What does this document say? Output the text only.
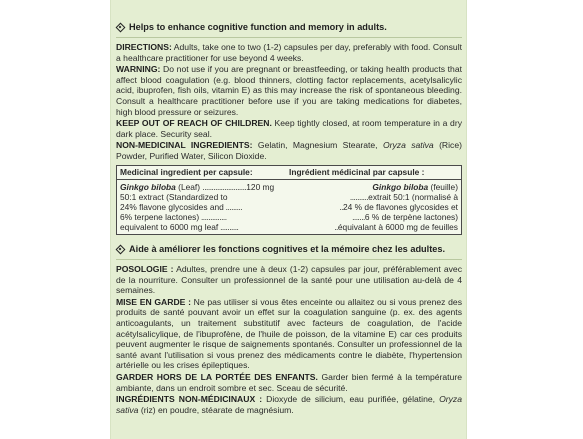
Helps to enhance cognitive function and memory in adults.

DIRECTIONS: Adults, take one to two (1-2) capsules per day, preferably with food. Consult a healthcare practitioner for use beyond 4 weeks.

WARNING: Do not use if you are pregnant or breastfeeding, or taking health products that affect blood coagulation (e.g. blood thinners, clotting factor replacements, acetylsalicylic acid, ibuprofen, fish oils, vitamin E) as this may increase the risk of spontaneous bleeding. Consult a healthcare practitioner before use if you are taking medications for diabetes, high blood pressure or seizures.

KEEP OUT OF REACH OF CHILDREN. Keep tightly closed, at room temperature in a dry dark place. Security seal.

NON-MEDICINAL INGREDIENTS: Gelatin, Magnesium Stearate, Oryza sativa (Rice) Powder, Purified Water, Silicon Dioxide.

Medicinal ingredient per capsule:	Ingrédient médicinal par capsule :
Ginkgo biloba (Leaf) ........................120 mg
50:1 extract (Standardized to
24% flavone glycosides and .........
6% terpene lactones) ..............
equivalent to 6000 mg leaf ..........
Ginkgo biloba (feuille)
..........extrait 50:1 (normalisé à
..24 % de flavones glycosides et
.......6 % de terpène lactones)
..équivalant à 6000 mg de feuilles
Aide à améliorer les fonctions cognitives et la mémoire chez les adultes.

POSOLOGIE : Adultes, prendre une à deux (1-2) capsules par jour, préférablement avec de la nourriture. Consulter un professionnel de la santé pour une utilisation au-delà de 4 semaines.

MISE EN GARDE : Ne pas utiliser si vous êtes enceinte ou allaitez ou si vous prenez des produits de santé pouvant avoir un effet sur la coagulation sanguine (p. ex. des agents anticoagulants, un traitement substitutif avec facteurs de coagulation, de l'acide acétylsalicylique, de l'ibuprofène, de l'huile de poisson, de la vitamine E) car ces produits peuvent augmenter le risque de saignements spontanés. Consulter un professionnel de la santé avant l'utilisation si vous prenez des médicaments contre le diabète, l'hypertension artérielle ou les crises épileptiques.

GARDER HORS DE LA PORTÉE DES ENFANTS. Garder bien fermé à la température ambiante, dans un endroit sombre et sec. Sceau de sécurité.

INGRÉDIENTS NON-MÉDICINAUX : Dioxyde de silicium, eau purifiée, gélatine, Oryza sativa (riz) en poudre, stéarate de magnésium.
